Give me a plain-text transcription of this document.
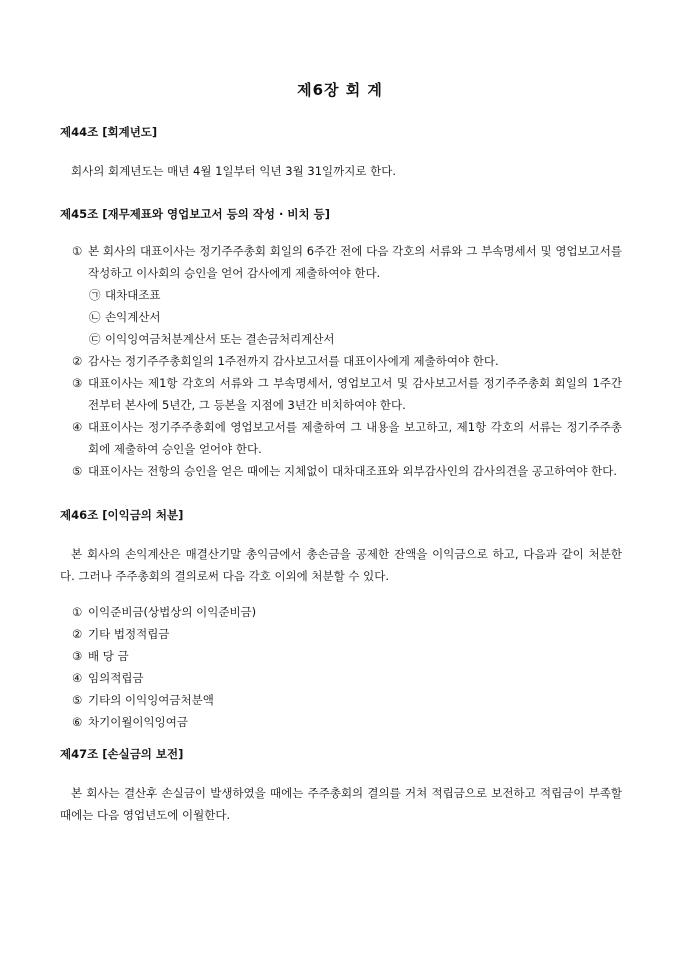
제6장 회 계
제44조 [회계년도]
회사의 회계년도는 매년 4월 1일부터 익년 3월 31일까지로 한다.
제45조 [재무제표와 영업보고서 등의 작성 · 비치 등]
① 본 회사의 대표이사는 정기주주총회 회일의 6주간 전에 다음 각호의 서류와 그 부속명세서 및 영업보고서를 작성하고 이사회의 승인을 얻어 감사에게 제출하여야 한다.
㉠ 대차대조표
㉡ 손익계산서
㉢ 이익잉여금처분계산서 또는 결손금처리계산서
② 감사는 정기주주총회일의 1주전까지 감사보고서를 대표이사에게 제출하여야 한다.
③ 대표이사는 제1항 각호의 서류와 그 부속명세서, 영업보고서 및 감사보고서를 정기주주총회 회일의 1주간 전부터 본사에 5년간, 그 등본을 지점에 3년간 비치하여야 한다.
④ 대표이사는 정기주주총회에 영업보고서를 제출하여 그 내용을 보고하고, 제1항 각호의 서류는 정기주주총회에 제출하여 승인을 얻어야 한다.
⑤ 대표이사는 전항의 승인을 얻은 때에는 지체없이 대차대조표와 외부감사인의 감사의견을 공고하여야 한다.
제46조 [이익금의 처분]
본 회사의 손익계산은 매결산기말 총익금에서 총손금을 공제한 잔액을 이익금으로 하고, 다음과 같이 처분한다. 그러나 주주총회의 결의로써 다음 각호 이외에 처분할 수 있다.
① 이익준비금(상법상의 이익준비금)
② 기타 법정적립금
③ 배 당 금
④ 임의적립금
⑤ 기타의 이익잉여금처분액
⑥ 차기이월이익잉여금
제47조 [손실금의 보전]
본 회사는 결산후 손실금이 발생하였을 때에는 주주총회의 결의를 거쳐 적립금으로 보전하고 적립금이 부족할 때에는 다음 영업년도에 이월한다.
